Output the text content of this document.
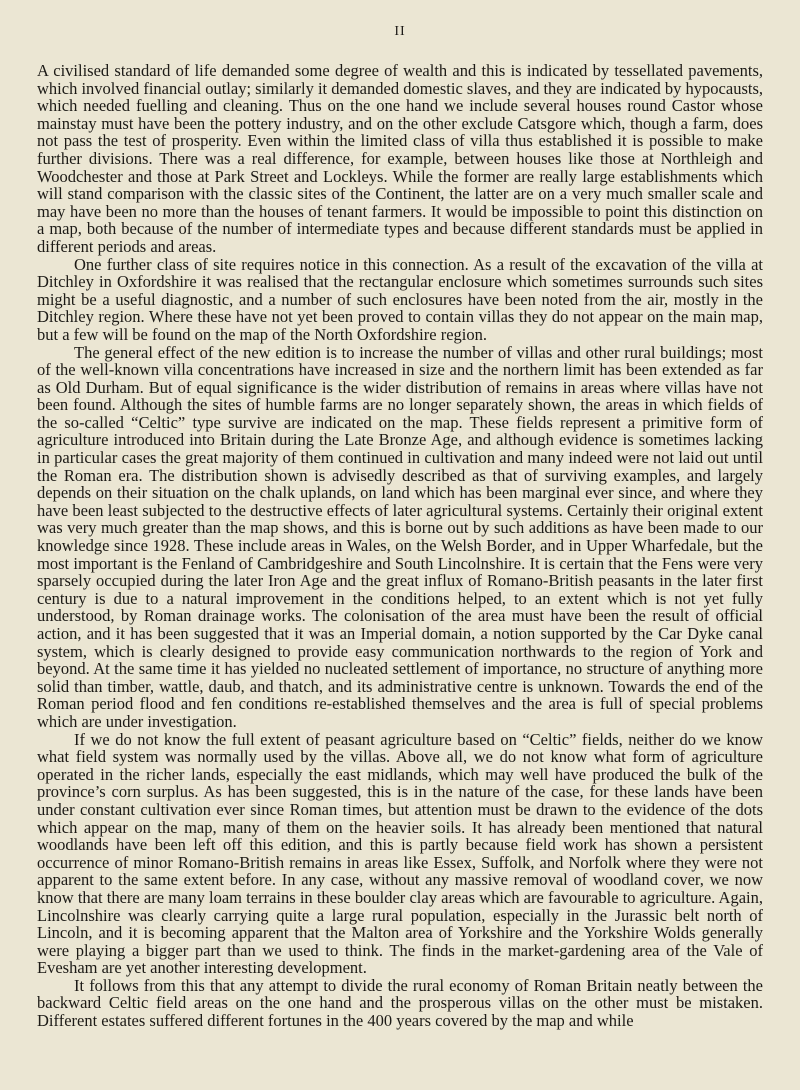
II

A civilised standard of life demanded some degree of wealth and this is indicated by tessellated pavements, which involved financial outlay; similarly it demanded domestic slaves, and they are indicated by hypocausts, which needed fuelling and cleaning. Thus on the one hand we include several houses round Castor whose mainstay must have been the pottery industry, and on the other exclude Catsgore which, though a farm, does not pass the test of prosperity. Even within the limited class of villa thus established it is possible to make further divisions. There was a real difference, for example, between houses like those at Northleigh and Woodchester and those at Park Street and Lockleys. While the former are really large establishments which will stand comparison with the classic sites of the Continent, the latter are on a very much smaller scale and may have been no more than the houses of tenant farmers. It would be impossible to point this distinction on a map, both because of the number of intermediate types and because different standards must be applied in different periods and areas.

One further class of site requires notice in this connection. As a result of the excavation of the villa at Ditchley in Oxfordshire it was realised that the rectangular enclosure which sometimes surrounds such sites might be a useful diagnostic, and a number of such enclosures have been noted from the air, mostly in the Ditchley region. Where these have not yet been proved to contain villas they do not appear on the main map, but a few will be found on the map of the North Oxfordshire region.

The general effect of the new edition is to increase the number of villas and other rural buildings; most of the well-known villa concentrations have increased in size and the northern limit has been extended as far as Old Durham. But of equal significance is the wider distribution of remains in areas where villas have not been found. Although the sites of humble farms are no longer separately shown, the areas in which fields of the so-called “Celtic” type survive are indicated on the map. These fields represent a primitive form of agriculture introduced into Britain during the Late Bronze Age, and although evidence is sometimes lacking in particular cases the great majority of them continued in cultivation and many indeed were not laid out until the Roman era. The distribution shown is advisedly described as that of surviving examples, and largely depends on their situation on the chalk uplands, on land which has been marginal ever since, and where they have been least subjected to the destructive effects of later agricultural systems. Certainly their original extent was very much greater than the map shows, and this is borne out by such additions as have been made to our knowledge since 1928. These include areas in Wales, on the Welsh Border, and in Upper Wharfedale, but the most important is the Fenland of Cambridgeshire and South Lincolnshire. It is certain that the Fens were very sparsely occupied during the later Iron Age and the great influx of Romano-British peasants in the later first century is due to a natural improvement in the conditions helped, to an extent which is not yet fully understood, by Roman drainage works. The colonisation of the area must have been the result of official action, and it has been suggested that it was an Imperial domain, a notion supported by the Car Dyke canal system, which is clearly designed to provide easy communication northwards to the region of York and beyond. At the same time it has yielded no nucleated settlement of importance, no structure of anything more solid than timber, wattle, daub, and thatch, and its administrative centre is unknown. Towards the end of the Roman period flood and fen conditions re-established themselves and the area is full of special problems which are under investigation.

If we do not know the full extent of peasant agriculture based on “Celtic” fields, neither do we know what field system was normally used by the villas. Above all, we do not know what form of agriculture operated in the richer lands, especially the east midlands, which may well have produced the bulk of the province’s corn surplus. As has been suggested, this is in the nature of the case, for these lands have been under constant cultivation ever since Roman times, but attention must be drawn to the evidence of the dots which appear on the map, many of them on the heavier soils. It has already been mentioned that natural woodlands have been left off this edition, and this is partly because field work has shown a persistent occurrence of minor Romano-British remains in areas like Essex, Suffolk, and Norfolk where they were not apparent to the same extent before. In any case, without any massive removal of woodland cover, we now know that there are many loam terrains in these boulder clay areas which are favourable to agriculture. Again, Lincolnshire was clearly carrying quite a large rural population, especially in the Jurassic belt north of Lincoln, and it is becoming apparent that the Malton area of Yorkshire and the Yorkshire Wolds generally were playing a bigger part than we used to think. The finds in the market-gardening area of the Vale of Evesham are yet another interesting development.

It follows from this that any attempt to divide the rural economy of Roman Britain neatly between the backward Celtic field areas on the one hand and the prosperous villas on the other must be mistaken. Different estates suffered different fortunes in the 400 years covered by the map and while
